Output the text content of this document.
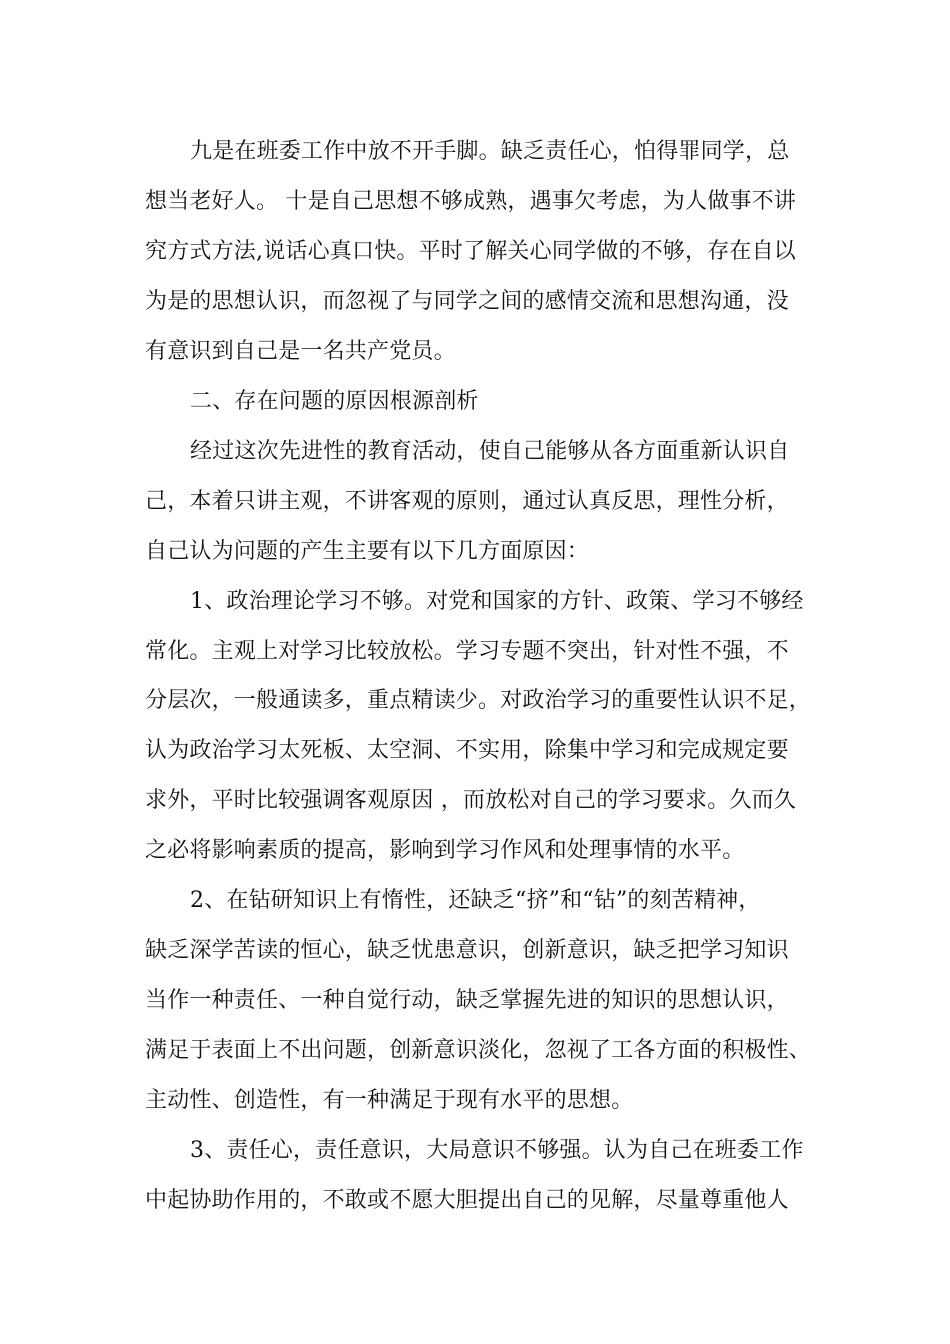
九是在班委工作中放不开手脚。缺乏责任心，怕得罪同学，总
想当老好人。 十是自己思想不够成熟，遇事欠考虑，为人做事不讲
究方式方法,说话心真口快。平时了解关心同学做的不够，存在自以
为是的思想认识，而忽视了与同学之间的感情交流和思想沟通，没
有意识到自己是一名共产党员。
二、存在问题的原因根源剖析
经过这次先进性的教育活动，使自己能够从各方面重新认识自
己，本着只讲主观，不讲客观的原则，通过认真反思，理性分析，
自己认为问题的产生主要有以下几方面原因：
1、政治理论学习不够。对党和国家的方针、政策、学习不够经
常化。主观上对学习比较放松。学习专题不突出，针对性不强，不
分层次，一般通读多，重点精读少。对政治学习的重要性认识不足，
认为政治学习太死板、太空洞、不实用，除集中学习和完成规定要
求外，平时比较强调客观原因 ，而放松对自己的学习要求。久而久
之必将影响素质的提高，影响到学习作风和处理事情的水平。
2、在钻研知识上有惰性，还缺乏“挤”和“钻”的刻苦精神，
缺乏深学苦读的恒心，缺乏忧患意识，创新意识，缺乏把学习知识
当作一种责任、一种自觉行动，缺乏掌握先进的知识的思想认识，
满足于表面上不出问题，创新意识淡化，忽视了工各方面的积极性、
主动性、创造性，有一种满足于现有水平的思想。
3、责任心，责任意识，大局意识不够强。认为自己在班委工作
中起协助作用的，不敢或不愿大胆提出自己的见解，尽量尊重他人
